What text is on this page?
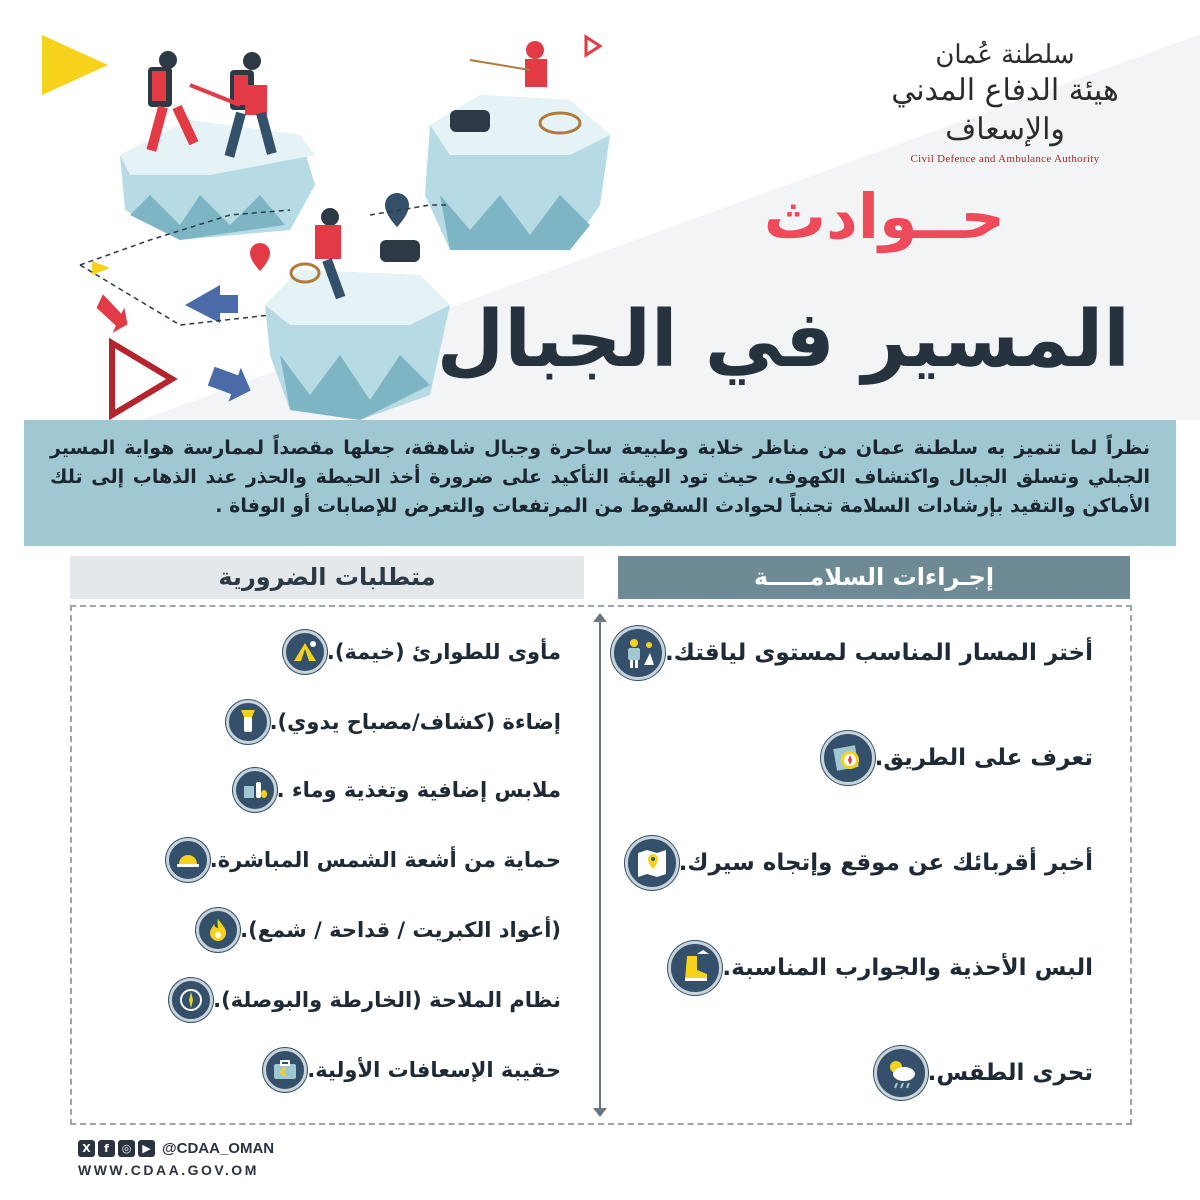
سلطنة عُمان
هيئة الدفاع المدني والإسعاف
Civil Defence and Ambulance Authority
حــوادث
المسير في الجبال
نظراً لما تتميز به سلطنة عمان من مناظر خلابة وطبيعة ساحرة وجبال شاهقة، جعلها مقصداً لممارسة هواية المسير الجبلي وتسلق الجبال واكتشاف الكهوف، حيث تود الهيئة التأكيد على ضرورة أخذ الحيطة والحذر عند الذهاب إلى تلك الأماكن والتقيد بإرشادات السلامة تجنباً لحوادث السقوط من المرتفعات والتعرض للإصابات أو الوفاة .
إجـراءات السلامـــــة
متطلبات الضرورية
أختر المسار المناسب لمستوى لياقتك.
تعرف على الطريق.
أخبر أقربائك عن موقع وإتجاه سيرك.
البس الأحذية والجوارب المناسبة.
تحرى الطقس.
مأوى للطوارئ (خيمة).
إضاءة (كشاف/مصباح يدوي).
ملابس إضافية وتغذية وماء .
حماية من أشعة الشمس المباشرة.
(أعواد الكبريت / قداحة / شمع).
نظام الملاحة (الخارطة والبوصلة).
حقيبة الإسعافات الأولية.
X	f	◎ ▶ @CDAA_OMAN
WWW.CDAA.GOV.OM
